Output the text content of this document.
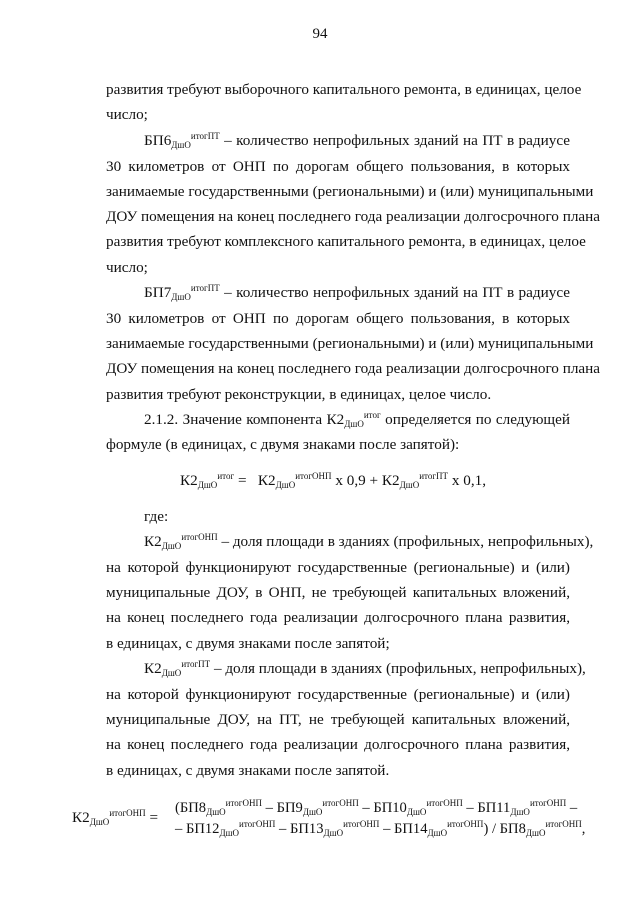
94
развития требуют выборочного капитального ремонта, в единицах, целое
число;
$БП6_{ДшО}^{итогПТ}$ – количество непрофильных зданий на ПТ в радиусе
30 километров от ОНП по дорогам общего пользования, в которых
занимаемые государственными (региональными) и (или) муниципальными
ДОУ помещения на конец последнего года реализации долгосрочного плана
развития требуют комплексного капитального ремонта, в единицах, целое
число;
$БП7_{ДшО}^{итогПТ}$ – количество непрофильных зданий на ПТ в радиусе
30 километров от ОНП по дорогам общего пользования, в которых
занимаемые государственными (региональными) и (или) муниципальными
ДОУ помещения на конец последнего года реализации долгосрочного плана
развития требуют реконструкции, в единицах, целое число.
2.1.2. Значение компонента $К2_{ДшО}^{итог}$ определяется по следующей
формуле (в единицах, с двумя знаками после запятой):
$К2_{ДшО}^{итог} = К2_{ДшО}^{итогОНП}$ х $0,9 + К2_{ДшО}^{итогПТ}$ х 0,1,
где:
$К2_{ДшО}^{итогОНП}$ – доля площади в зданиях (профильных, непрофильных),
на которой функционируют государственные (региональные) и (или)
муниципальные ДОУ, в ОНП, не требующей капитальных вложений,
на конец последнего года реализации долгосрочного плана развития,
в единицах, с двумя знаками после запятой;
$К2_{ДшО}^{итогПТ}$ – доля площади в зданиях (профильных, непрофильных),
на которой функционируют государственные (региональные) и (или)
муниципальные ДОУ, на ПТ, не требующей капитальных вложений,
на конец последнего года реализации долгосрочного плана развития,
в единицах, с двумя знаками после запятой.
$К2_{ДшО}^{итогОНП}$ =
($БП8_{ДшО}^{итогОНП} - БП9_{ДшО}^{итогОНП} - БП10_{ДшО}^{итогОНП} - БП11_{ДшО}^{итогОНП}$ –
– $БП12_{ДшО}^{итогОНП} - БП13_{ДшО}^{итогОНП} - БП14_{ДшО}^{итогОНП}) / БП8_{ДшО}^{итогОНП}$,
